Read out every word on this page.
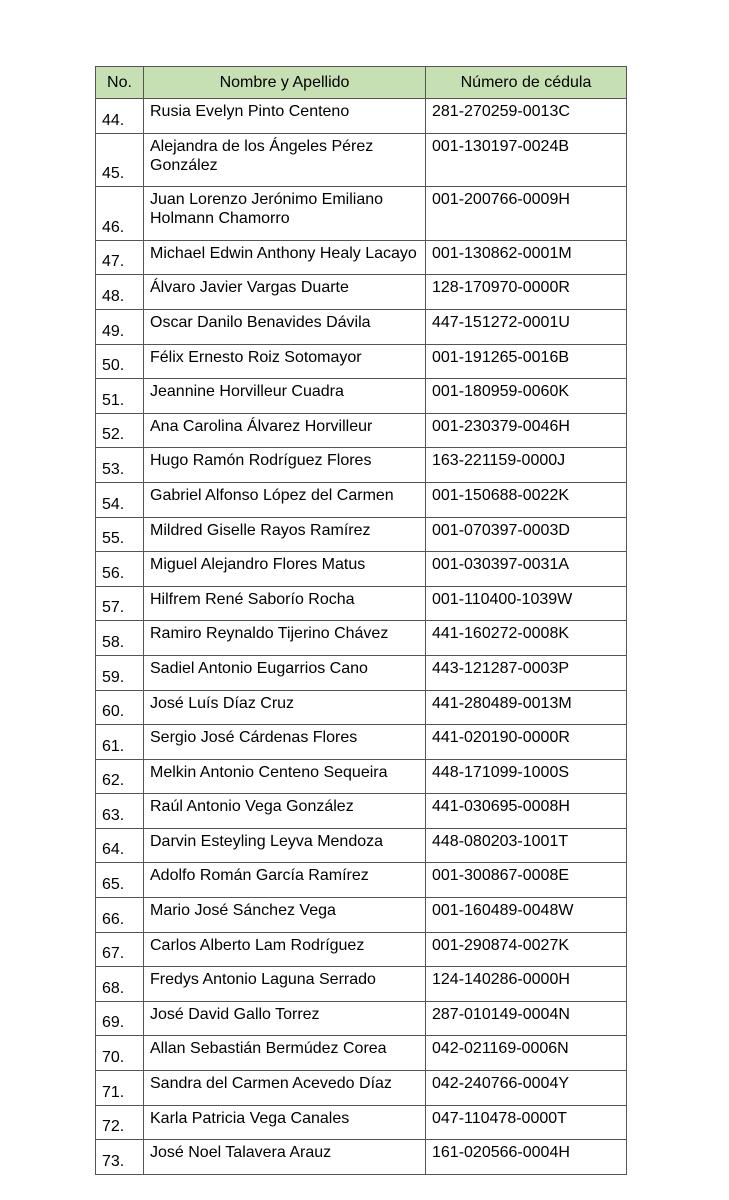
No.	Nombre y Apellido	Número de cédula
44.	Rusia Evelyn Pinto Centeno	281-270259-0013C
45.	Alejandra de los Ángeles Pérez González	001-130197-0024B
46.	Juan Lorenzo Jerónimo Emiliano Holmann Chamorro	001-200766-0009H
47.	Michael Edwin Anthony Healy Lacayo	001-130862-0001M
48.	Álvaro Javier Vargas Duarte	128-170970-0000R
49.	Oscar Danilo Benavides Dávila	447-151272-0001U
50.	Félix Ernesto Roiz Sotomayor	001-191265-0016B
51.	Jeannine Horvilleur Cuadra	001-180959-0060K
52.	Ana Carolina Álvarez Horvilleur	001-230379-0046H
53.	Hugo Ramón Rodríguez Flores	163-221159-0000J
54.	Gabriel Alfonso López del Carmen	001-150688-0022K
55.	Mildred Giselle Rayos Ramírez	001-070397-0003D
56.	Miguel Alejandro Flores Matus	001-030397-0031A
57.	Hilfrem René Saborío Rocha	001-110400-1039W
58.	Ramiro Reynaldo Tijerino Chávez	441-160272-0008K
59.	Sadiel Antonio Eugarrios Cano	443-121287-0003P
60.	José Luís Díaz Cruz	441-280489-0013M
61.	Sergio José Cárdenas Flores	441-020190-0000R
62.	Melkin Antonio Centeno Sequeira	448-171099-1000S
63.	Raúl Antonio Vega González	441-030695-0008H
64.	Darvin Esteyling Leyva Mendoza	448-080203-1001T
65.	Adolfo Román García Ramírez	001-300867-0008E
66.	Mario José Sánchez Vega	001-160489-0048W
67.	Carlos Alberto Lam Rodríguez	001-290874-0027K
68.	Fredys Antonio Laguna Serrado	124-140286-0000H
69.	José David Gallo Torrez	287-010149-0004N
70.	Allan Sebastián Bermúdez Corea	042-021169-0006N
71.	Sandra del Carmen Acevedo Díaz	042-240766-0004Y
72.	Karla Patricia Vega Canales	047-110478-0000T
73.	José Noel Talavera Arauz	161-020566-0004H
